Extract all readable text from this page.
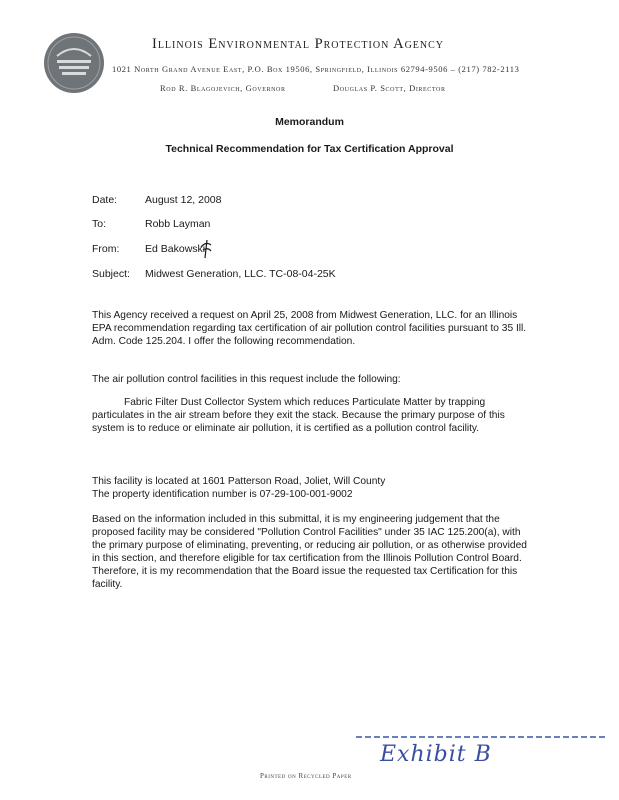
Illinois Environmental Protection Agency
1021 North Grand Avenue East, P.O. Box 19506, Springfield, Illinois 62794-9506 – (217) 782-2113
Rod R. Blagojevich, Governor	Douglas P. Scott, Director
Memorandum
Technical Recommendation for Tax Certification Approval
Date:	August 12, 2008
To:	Robb Layman
From: Ed Bakowski
Subject: Midwest Generation, LLC. TC-08-04-25K
This Agency received a request on April 25, 2008 from Midwest Generation, LLC. for an Illinois EPA recommendation regarding tax certification of air pollution control facilities pursuant to 35 Ill. Adm. Code 125.204. I offer the following recommendation.
The air pollution control facilities in this request include the following:
Fabric Filter Dust Collector System which reduces Particulate Matter by trapping particulates in the air stream before they exit the stack. Because the primary purpose of this system is to reduce or eliminate air pollution, it is certified as a pollution control facility.
This facility is located at 1601 Patterson Road, Joliet, Will County
The property identification number is 07-29-100-001-9002
Based on the information included in this submittal, it is my engineering judgement that the proposed facility may be considered "Pollution Control Facilities" under 35 IAC 125.200(a), with the primary purpose of eliminating, preventing, or reducing air pollution, or as otherwise provided in this section, and therefore eligible for tax certification from the Illinois Pollution Control Board. Therefore, it is my recommendation that the Board issue the requested tax Certification for this facility.
Exhibit B
Printed on Recycled Paper
